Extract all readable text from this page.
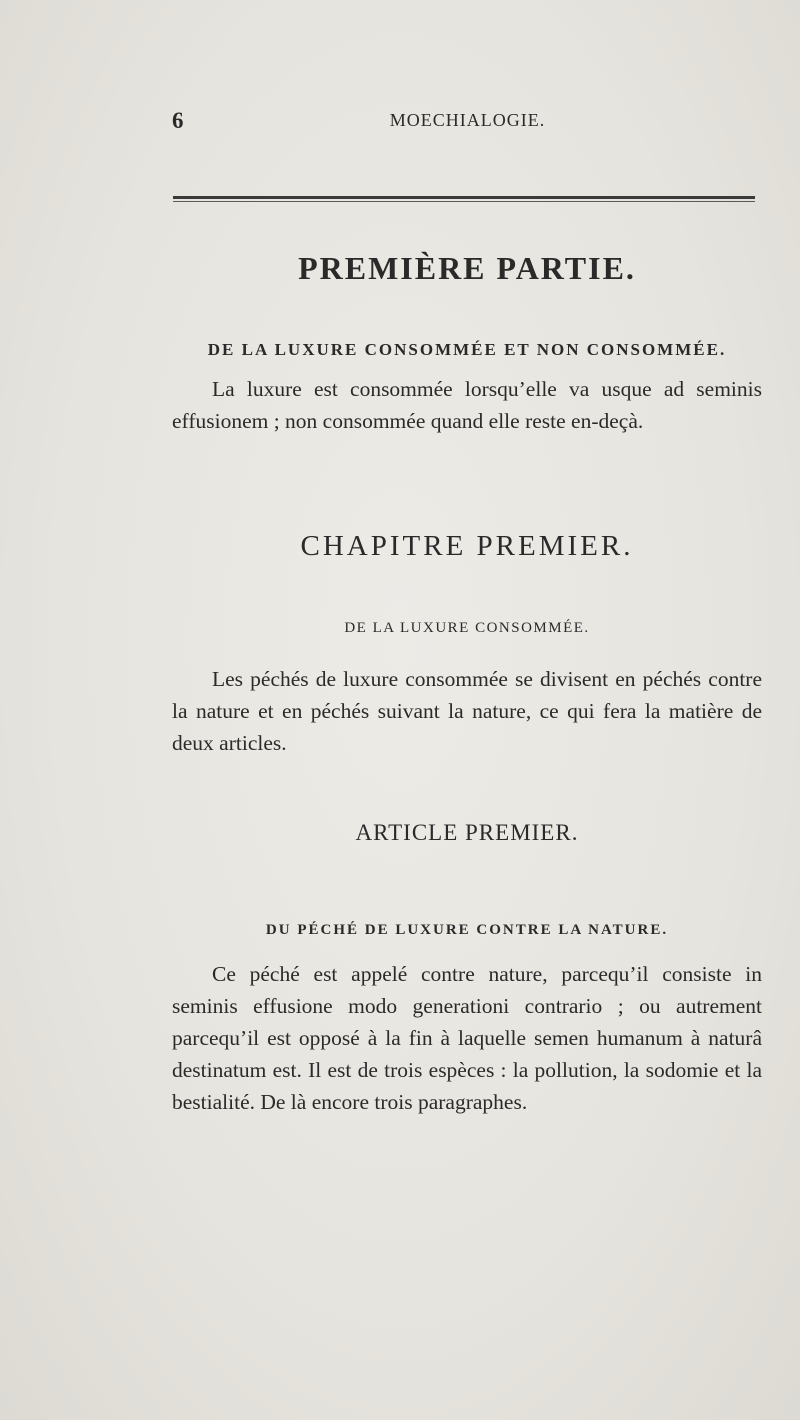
6	MOECHIALOGIE.
PREMIÈRE PARTIE.
DE LA LUXURE CONSOMMÉE ET NON CONSOMMÉE.

La luxure est consommée lorsqu’elle va usque ad seminis effusionem ; non consommée quand elle reste en-deçà.

CHAPITRE PREMIER.
DE LA LUXURE CONSOMMÉE.

Les péchés de luxure consommée se divisent en péchés contre la nature et en péchés suivant la nature, ce qui fera la matière de deux articles.

ARTICLE PREMIER.
DU PÉCHÉ DE LUXURE CONTRE LA NATURE.

Ce péché est appelé contre nature, parcequ’il consiste in seminis effusione modo generationi contrario ; ou autrement parcequ’il est opposé à la fin à laquelle semen humanum à naturâ destinatum est. Il est de trois espèces : la pollution, la sodomie et la bestialité. De là encore trois paragraphes.
